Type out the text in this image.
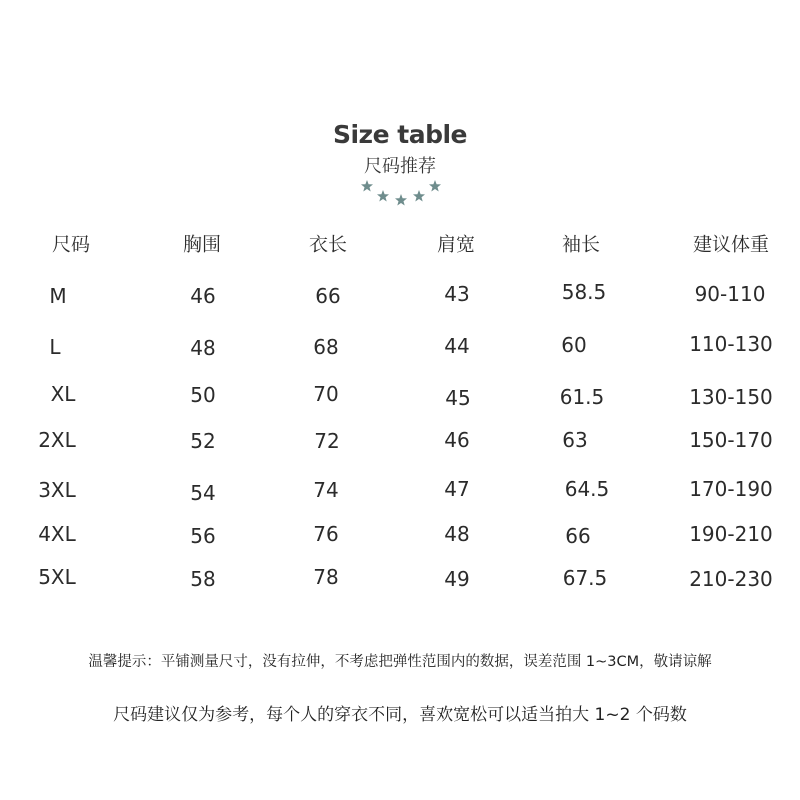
Size table
尺码推荐
尺码	胸围	衣长	肩宽	袖长	建议体重
M	46	66	43	58.5	90-110
L	48	68	44	60	110-130
XL	50	70	45	61.5	130-150
2XL	52	72	46	63	150-170
3XL	54	74	47	64.5	170-190
4XL	56	76	48	66	190-210
5XL	58	78	49	67.5	210-230
温馨提示：平铺测量尺寸，没有拉伸，不考虑把弹性范围内的数据，误差范围 1~3CM，敬请谅解
尺码建议仅为参考，每个人的穿衣不同，喜欢宽松可以适当拍大 1~2 个码数
